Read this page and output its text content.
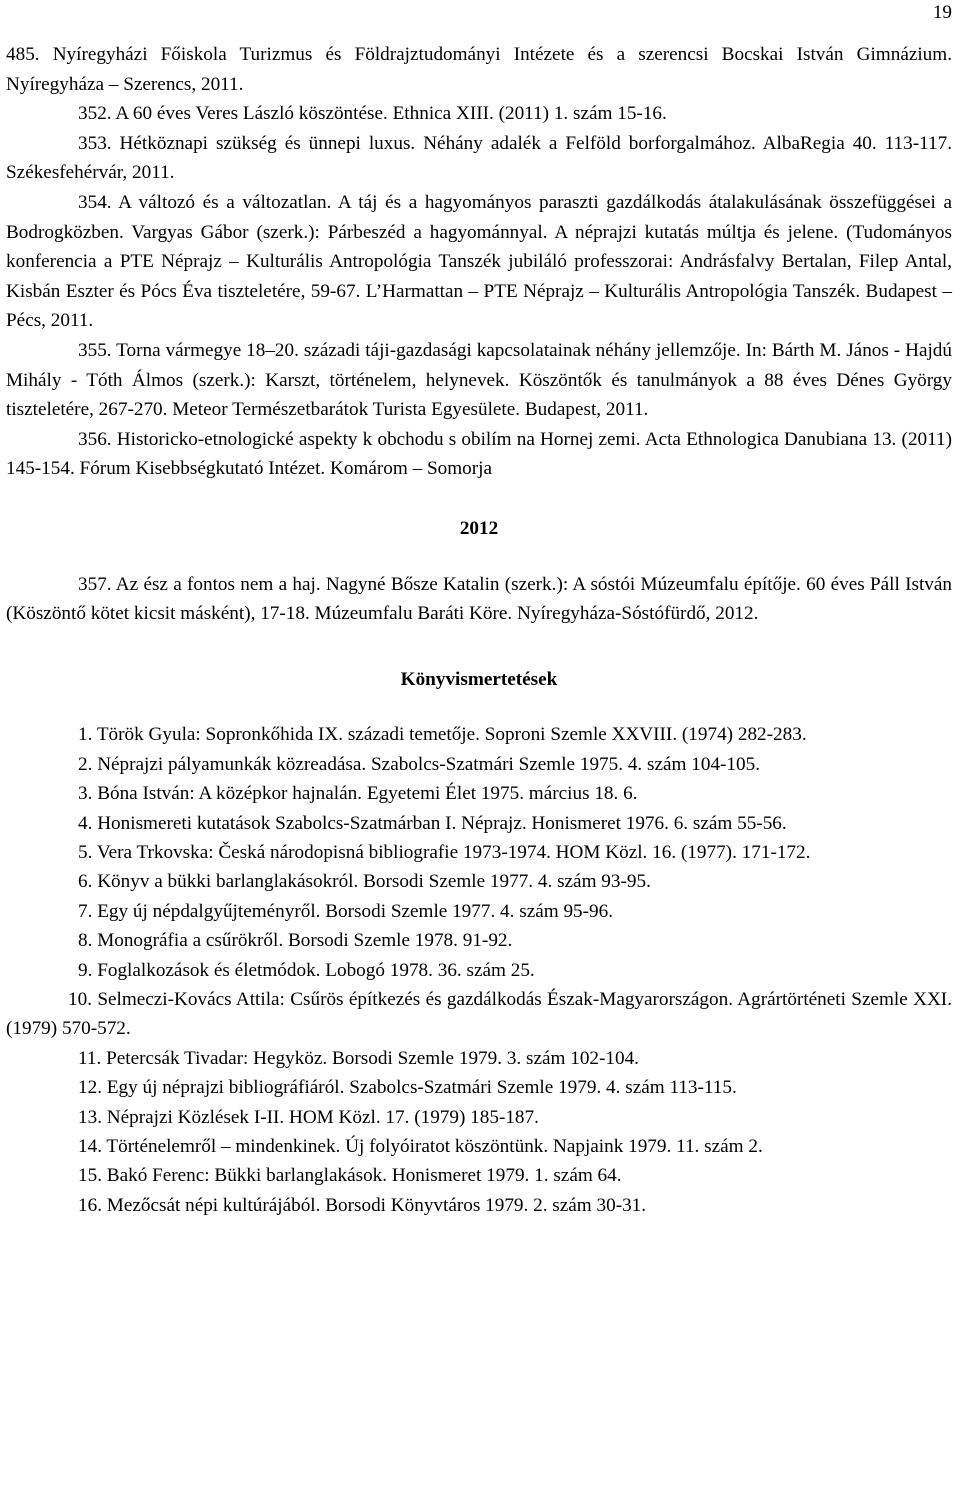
19

485. Nyíregyházi Főiskola Turizmus és Földrajztudományi Intézete és a szerencsi Bocskai István Gimnázium. Nyíregyháza – Szerencs, 2011.

352. A 60 éves Veres László köszöntése. Ethnica XIII. (2011) 1. szám 15-16.

353. Hétköznapi szükség és ünnepi luxus. Néhány adalék a Felföld borforgalmához. AlbaRegia 40. 113-117. Székesfehérvár, 2011.

354. A változó és a változatlan. A táj és a hagyományos paraszti gazdálkodás átalakulásának összefüggései a Bodrogközben. Vargyas Gábor (szerk.): Párbeszéd a hagyománnyal. A néprajzi kutatás múltja és jelene. (Tudományos konferencia a PTE Néprajz – Kulturális Antropológia Tanszék jubiláló professzorai: Andrásfalvy Bertalan, Filep Antal, Kisbán Eszter és Pócs Éva tiszteletére, 59-67. L’Harmattan – PTE Néprajz – Kulturális Antropológia Tanszék. Budapest – Pécs, 2011.

355. Torna vármegye 18–20. századi táji-gazdasági kapcsolatainak néhány jellemzője. In: Bárth M. János - Hajdú Mihály - Tóth Álmos (szerk.): Karszt, történelem, helynevek. Köszöntők és tanulmányok a 88 éves Dénes György tiszteletére, 267-270. Meteor Természetbarátok Turista Egyesülete. Budapest, 2011.

356. Historicko-etnologické aspekty k obchodu s obilím na Hornej zemi. Acta Ethnologica Danubiana 13. (2011) 145-154. Fórum Kisebbségkutató Intézet. Komárom – Somorja

2012

357. Az ész a fontos nem a haj. Nagyné Bősze Katalin (szerk.): A sóstói Múzeumfalu építője. 60 éves Páll István (Köszöntő kötet kicsit másként), 17-18. Múzeumfalu Baráti Köre. Nyíregyháza-Sóstófürdő, 2012.

Könyvismertetések

1. Török Gyula: Sopronkőhida IX. századi temetője. Soproni Szemle XXVIII. (1974) 282-283.

2. Néprajzi pályamunkák közreadása. Szabolcs-Szatmári Szemle 1975. 4. szám 104-105.

3. Bóna István: A középkor hajnalán. Egyetemi Élet 1975. március 18. 6.

4. Honismereti kutatások Szabolcs-Szatmárban I. Néprajz. Honismeret 1976. 6. szám 55-56.

5. Vera Trkovska: Česká národopisná bibliografie 1973-1974. HOM Közl. 16. (1977). 171-172.

6. Könyv a bükki barlanglakásokról. Borsodi Szemle 1977. 4. szám 93-95.

7. Egy új népdalgyűjteményről. Borsodi Szemle 1977. 4. szám 95-96.

8. Monográfia a csűrökről. Borsodi Szemle 1978. 91-92.

9. Foglalkozások és életmódok. Lobogó 1978. 36. szám 25.

10. Selmeczi-Kovács Attila: Csűrös építkezés és gazdálkodás Észak-Magyarországon. Agrártörténeti Szemle XXI. (1979) 570-572.

11. Petercsák Tivadar: Hegyköz. Borsodi Szemle 1979. 3. szám 102-104.

12. Egy új néprajzi bibliográfiáról. Szabolcs-Szatmári Szemle 1979. 4. szám 113-115.

13. Néprajzi Közlések I-II. HOM Közl. 17. (1979) 185-187.

14. Történelemről – mindenkinek. Új folyóiratot köszöntünk. Napjaink 1979. 11. szám 2.

15. Bakó Ferenc: Bükki barlanglakások. Honismeret 1979. 1. szám 64.

16. Mezőcsát népi kultúrájából. Borsodi Könyvtáros 1979. 2. szám 30-31.
